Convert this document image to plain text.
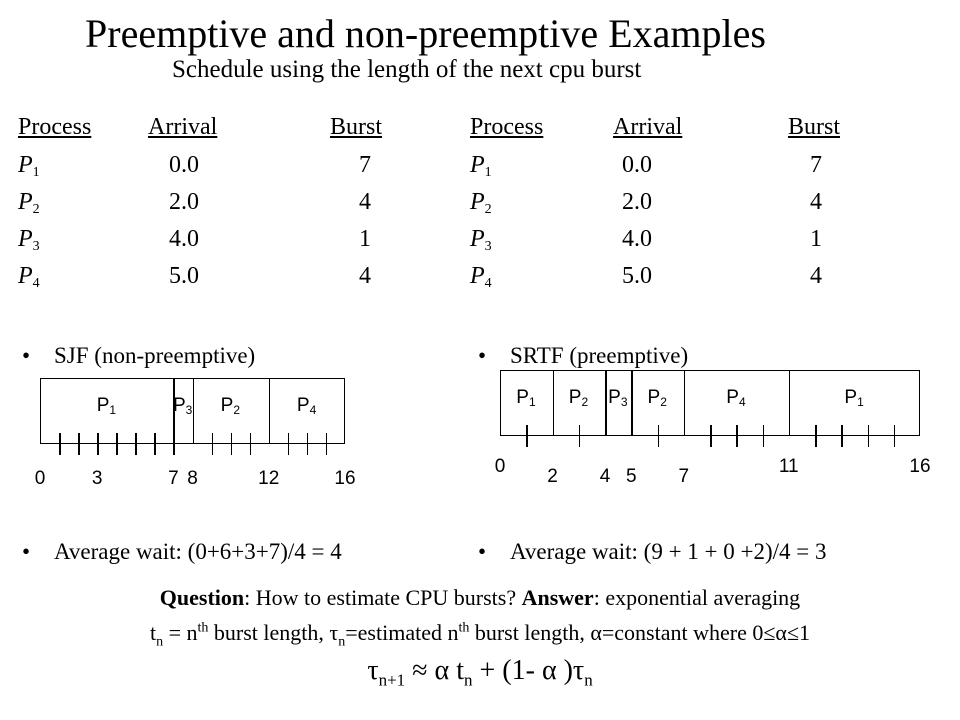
Preemptive and non-preemptive Examples
Schedule using the length of the next cpu burst
Process Arrival	Burst
$P_1$	0.0	7
$P_2$	2.0	4
$P_3$	4.0	1
$P_4$	5.0	4
Process	Arrival	Burst
$P_1$	0.0	7
$P_2$	2.0	4
$P_3$	4.0	1
$P_4$	5.0	4
• SJF (non-preemptive)	• SRTF (preemptive)
$P_1$	$P_3$ $P_2$	$P_4$
0 3	7 8	12	16
$P_1$ $P_2$ $P_3$ $P_2$	$P_4$	$P_1$
0 2 4 5 7	11	16
• Average wait: (0+6+3+7)/4 = 4	• Average wait: (9 + 1 + 0 +2)/4 = 3
Question: How to estimate CPU bursts? Answer: exponential averaging
$t_n = n^{th}$ burst length, $\tau_n=estimated$ $n^{th}$ burst length, α=constant where 0≤α≤1
$\tau_{n+1} \approx \alpha$ $t_n + (1-$ α )$\tau_n$
